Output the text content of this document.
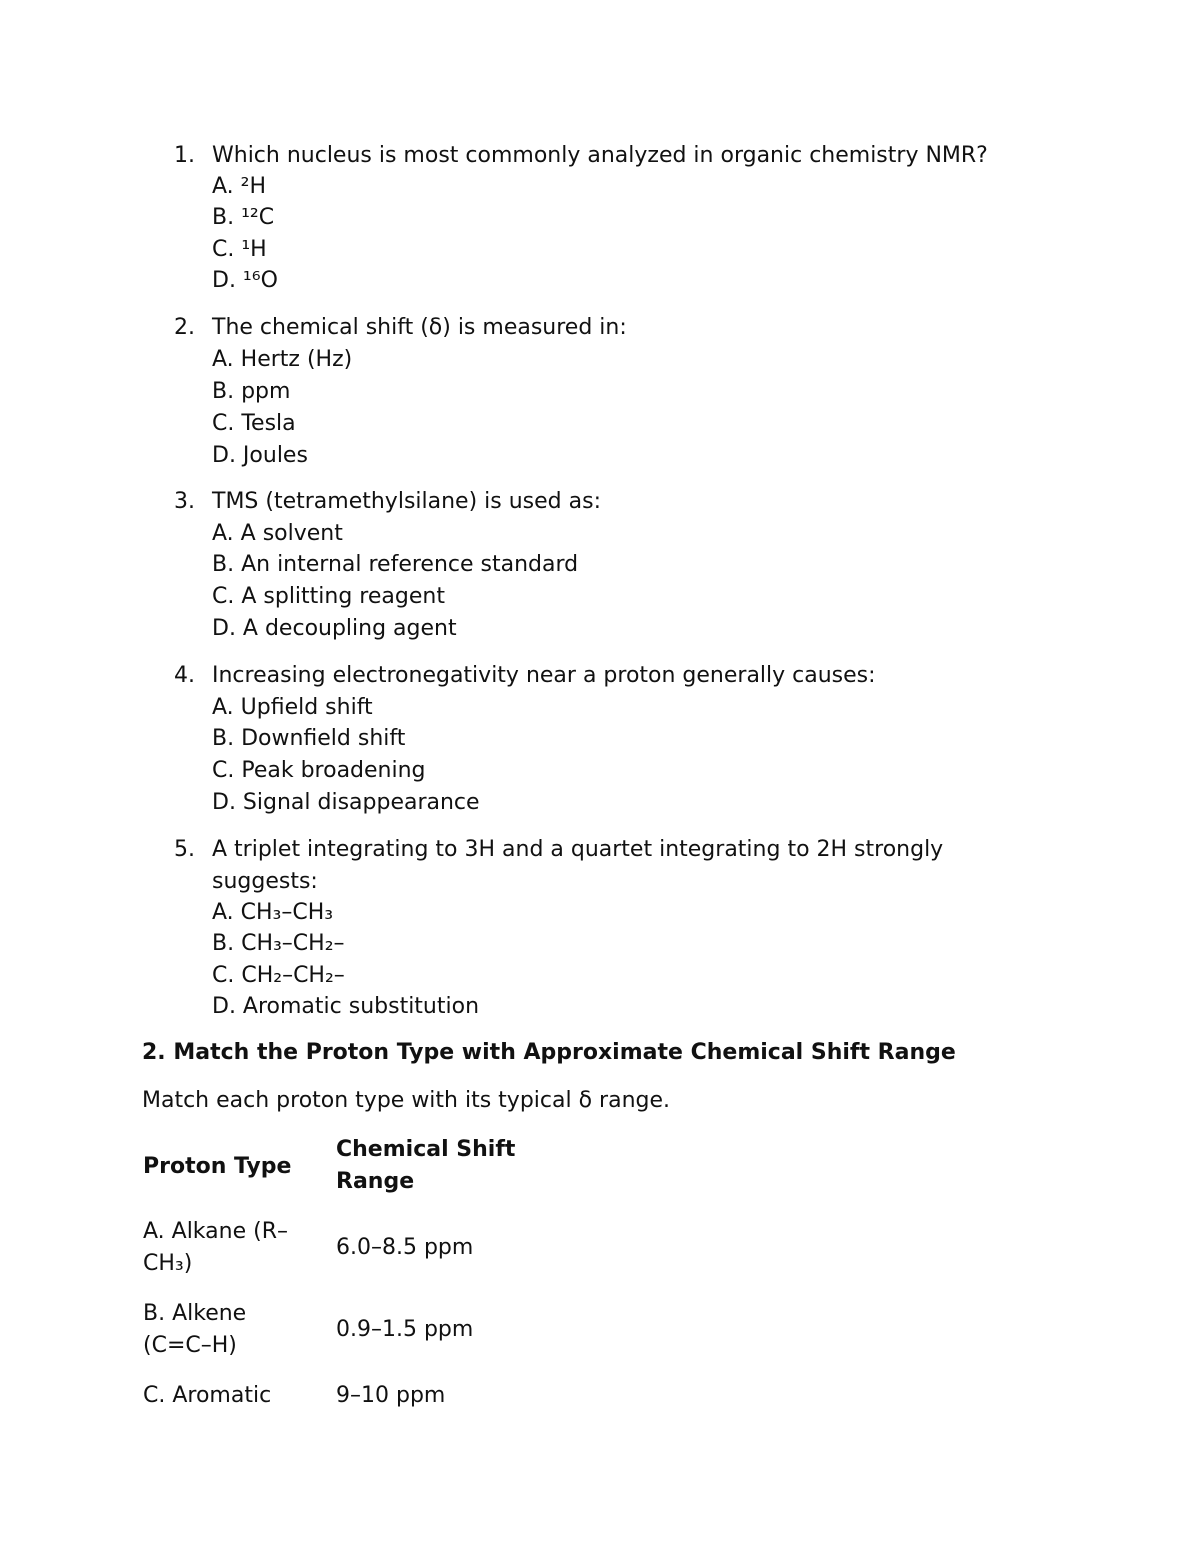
1. Which nucleus is most commonly analyzed in organic chemistry NMR?
A. ²H
B. ¹²C
C. ¹H
D. ¹⁶O
2. The chemical shift (δ) is measured in:
A. Hertz (Hz)
B. ppm
C. Tesla
D. Joules
3. TMS (tetramethylsilane) is used as:
A. A solvent
B. An internal reference standard
C. A splitting reagent
D. A decoupling agent
4. Increasing electronegativity near a proton generally causes:
A. Upfield shift
B. Downfield shift
C. Peak broadening
D. Signal disappearance
5. A triplet integrating to 3H and a quartet integrating to 2H strongly suggests:
A. CH₃–CH₃
B. CH₃–CH₂–
C. CH₂–CH₂–
D. Aromatic substitution
2. Match the Proton Type with Approximate Chemical Shift Range
Match each proton type with its typical δ range.
Proton Type
Chemical Shift Range
A. Alkane (R–CH₃)
6.0–8.5 ppm
B. Alkene (C=C–H)
0.9–1.5 ppm
C. Aromatic	9–10 ppm
